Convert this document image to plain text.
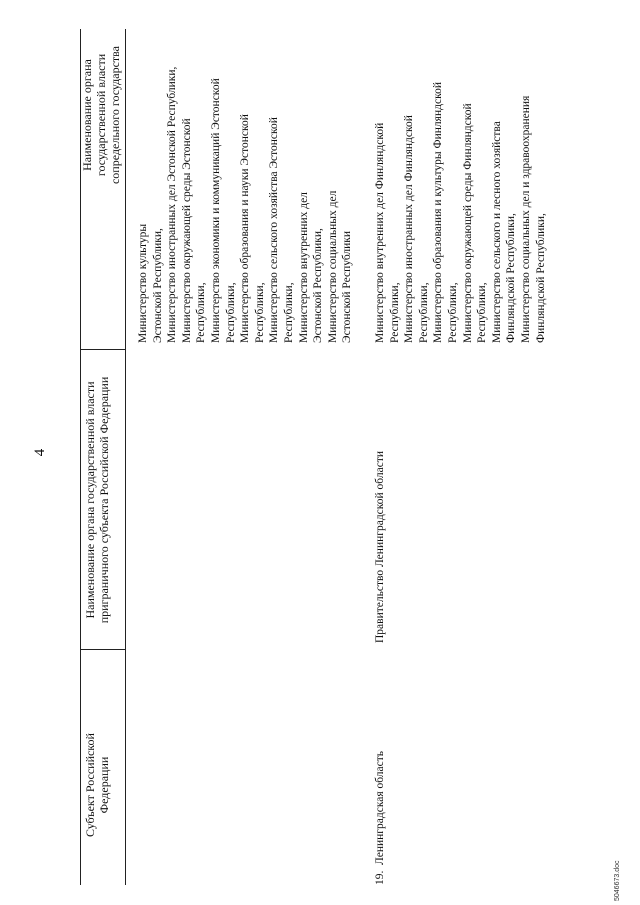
4
Субъект Российской Федерации
Наименование органа государственной власти приграничного субъекта Российской Федерации
Наименование органа государственной власти сопредельного государства
Министерство культуры Эстонской Республики, Министерство иностранных дел Эстонской Республики, Министерство окружающей среды Эстонской Республики, Министерство экономики и коммуникаций Эстонской Республики, Министерство образования и науки Эстонской Республики, Министерство сельского хозяйства Эстонской Республики, Министерство внутренних дел Эстонской Республики, Министерство социальных дел Эстонской Республики
19.
Ленинградская область
Правительство Ленинградской области
Министерство внутренних дел Финляндской Республики, Министерство иностранных дел Финляндской Республики, Министерство образования и культуры Финляндской Республики, Министерство окружающей среды Финляндской Республики, Министерство сельского и лесного хозяйства Финляндской Республики, Министерство социальных дел и здравоохранения Финляндской Республики,
5046673.doc
